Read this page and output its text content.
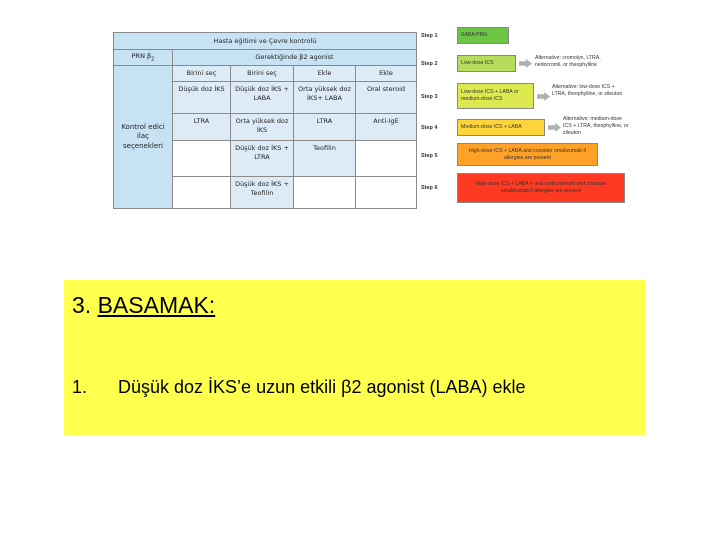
Hasta eğitimi ve Çevre kontrolü				
PRN $\beta_2$	Gerektiğinde β2 agonist			
Kontrol edici ilaç seçenekleri	Birini seç	Birini seç	Ekle	Ekle
	Düşük doz İKS	Düşük doz İKS + LABA	Orta yüksek doz İKS+ LABA	Oral steroid
	LTRA	Orta yüksek doz İKS	LTRA	Anti-IgE
		Düşük doz İKS + LTRA	Teofilin	
		Düşük doz İKS + Teofilin		
Step 1	SABA PRN
Step 2	Low-dose ICS
Alternative: cromolyn, LTRA, nedocromil, or theophylline
Step 3
Low-dose ICS + LABA or medium-dose ICS
Alternative: low-dose ICS + LTRA, theophylline, or zileuton
Step 4	Medium-dose ICS + LABA
Alternative: medium-dose ICS + LTRA, theophylline, or zileuton
Step 5
High-dose ICS + LABA and consider omalizumab if allergies are present
Step 6
High-dose ICS + LABA + oral corticosteroid and consider omalizumab if allergies are present
3. BASAMAK:
1. Düşük doz İKS’e uzun etkili β2 agonist (LABA) ekle
